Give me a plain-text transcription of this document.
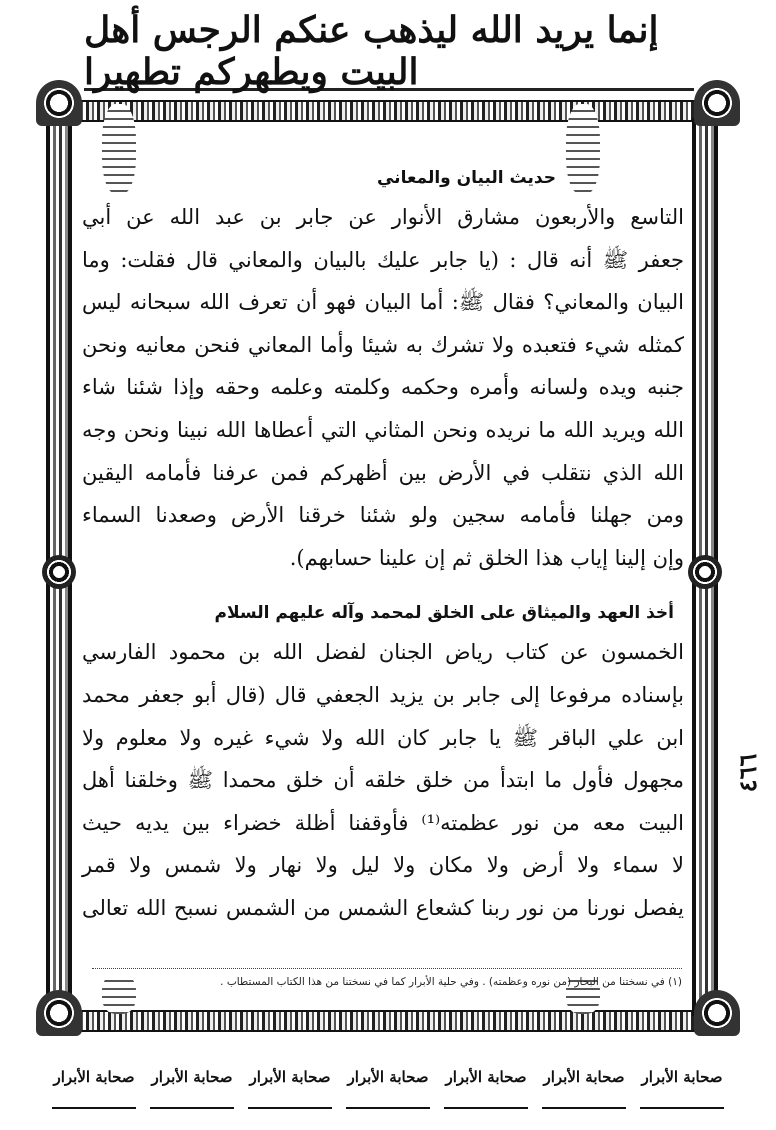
إنما يريد الله ليذهب عنكم الرجس أهل البيت ويطهركم تطهيرا
٤٦٦
حديث البيان والمعاني

التاسع والأربعون مشارق الأنوار عن جابر بن عبد الله عن أبي
جعفر ﷺ أنه قال : (يا جابر عليك بالبيان والمعاني قال فقلت: وما
البيان والمعاني؟ فقال ﷺ: أما البيان فهو أن تعرف الله سبحانه ليس
كمثله شيء فتعبده ولا تشرك به شيئا وأما المعاني فنحن معانيه ونحن
جنبه ويده ولسانه وأمره وحكمه وكلمته وعلمه وحقه وإذا شئنا شاء
الله ويريد الله ما نريده ونحن المثاني التي أعطاها الله نبينا ونحن وجه
الله الذي نتقلب في الأرض بين أظهركم فمن عرفنا فأمامه اليقين
ومن جهلنا فأمامه سجين ولو شئنا خرقنا الأرض وصعدنا السماء
وإن إلينا إياب هذا الخلق ثم إن علينا حسابهم).

أخذ العهد والميثاق على الخلق لمحمد وآله عليهم السلام

الخمسون عن كتاب رياض الجنان لفضل الله بن محمود الفارسي
بإسناده مرفوعا إلى جابر بن يزيد الجعفي قال (قال أبو جعفر محمد
ابن علي الباقر ﷺ يا جابر كان الله ولا شيء غيره ولا معلوم ولا
مجهول فأول ما ابتدأ من خلق خلقه أن خلق محمدا ﷺ وخلقنا أهل
البيت معه من نور عظمته⁽¹⁾ فأوقفنا أظلة خضراء بين يديه حيث
لا سماء ولا أرض ولا مكان ولا ليل ولا نهار ولا شمس ولا قمر
يفصل نورنا من نور ربنا كشعاع الشمس من الشمس نسبح الله تعالى

(١) في نسختنا من البحار (من نوره وعظمته) . وفي حلية الأبرار كما في نسختنا من هذا الكتاب المستطاب .
صحابة الأبرار صحابة الأبرار صحابة الأبرار صحابة الأبرار صحابة الأبرار صحابة الأبرار صحابة الأبرار
